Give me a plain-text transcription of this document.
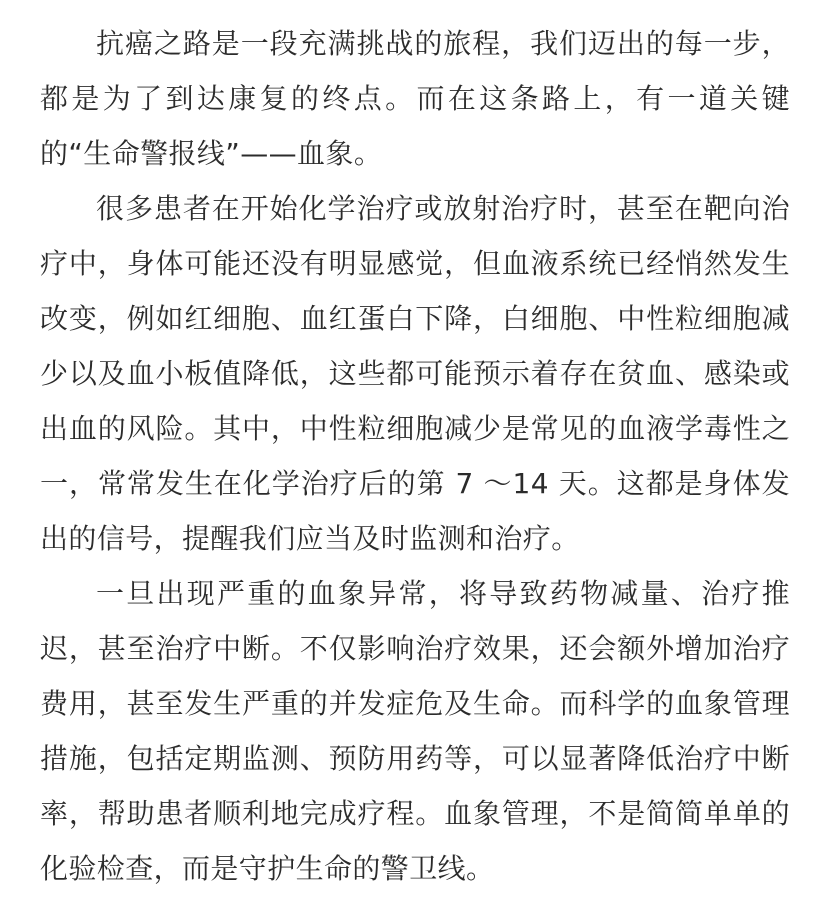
抗癌之路是一段充满挑战的旅程，我们迈出的每一步，都是为了到达康复的终点。而在这条路上，有一道关键的“生命警报线”——血象。

很多患者在开始化学治疗或放射治疗时，甚至在靶向治疗中，身体可能还没有明显感觉，但血液系统已经悄然发生改变，例如红细胞、血红蛋白下降，白细胞、中性粒细胞减少以及血小板值降低，这些都可能预示着存在贫血、感染或出血的风险。其中，中性粒细胞减少是常见的血液学毒性之一，常常发生在化学治疗后的第 7 ～14 天。这都是身体发出的信号，提醒我们应当及时监测和治疗。

一旦出现严重的血象异常，将导致药物减量、治疗推迟，甚至治疗中断。不仅影响治疗效果，还会额外增加治疗费用，甚至发生严重的并发症危及生命。而科学的血象管理措施，包括定期监测、预防用药等，可以显著降低治疗中断率，帮助患者顺利地完成疗程。血象管理，不是简简单单的化验检查，而是守护生命的警卫线。
